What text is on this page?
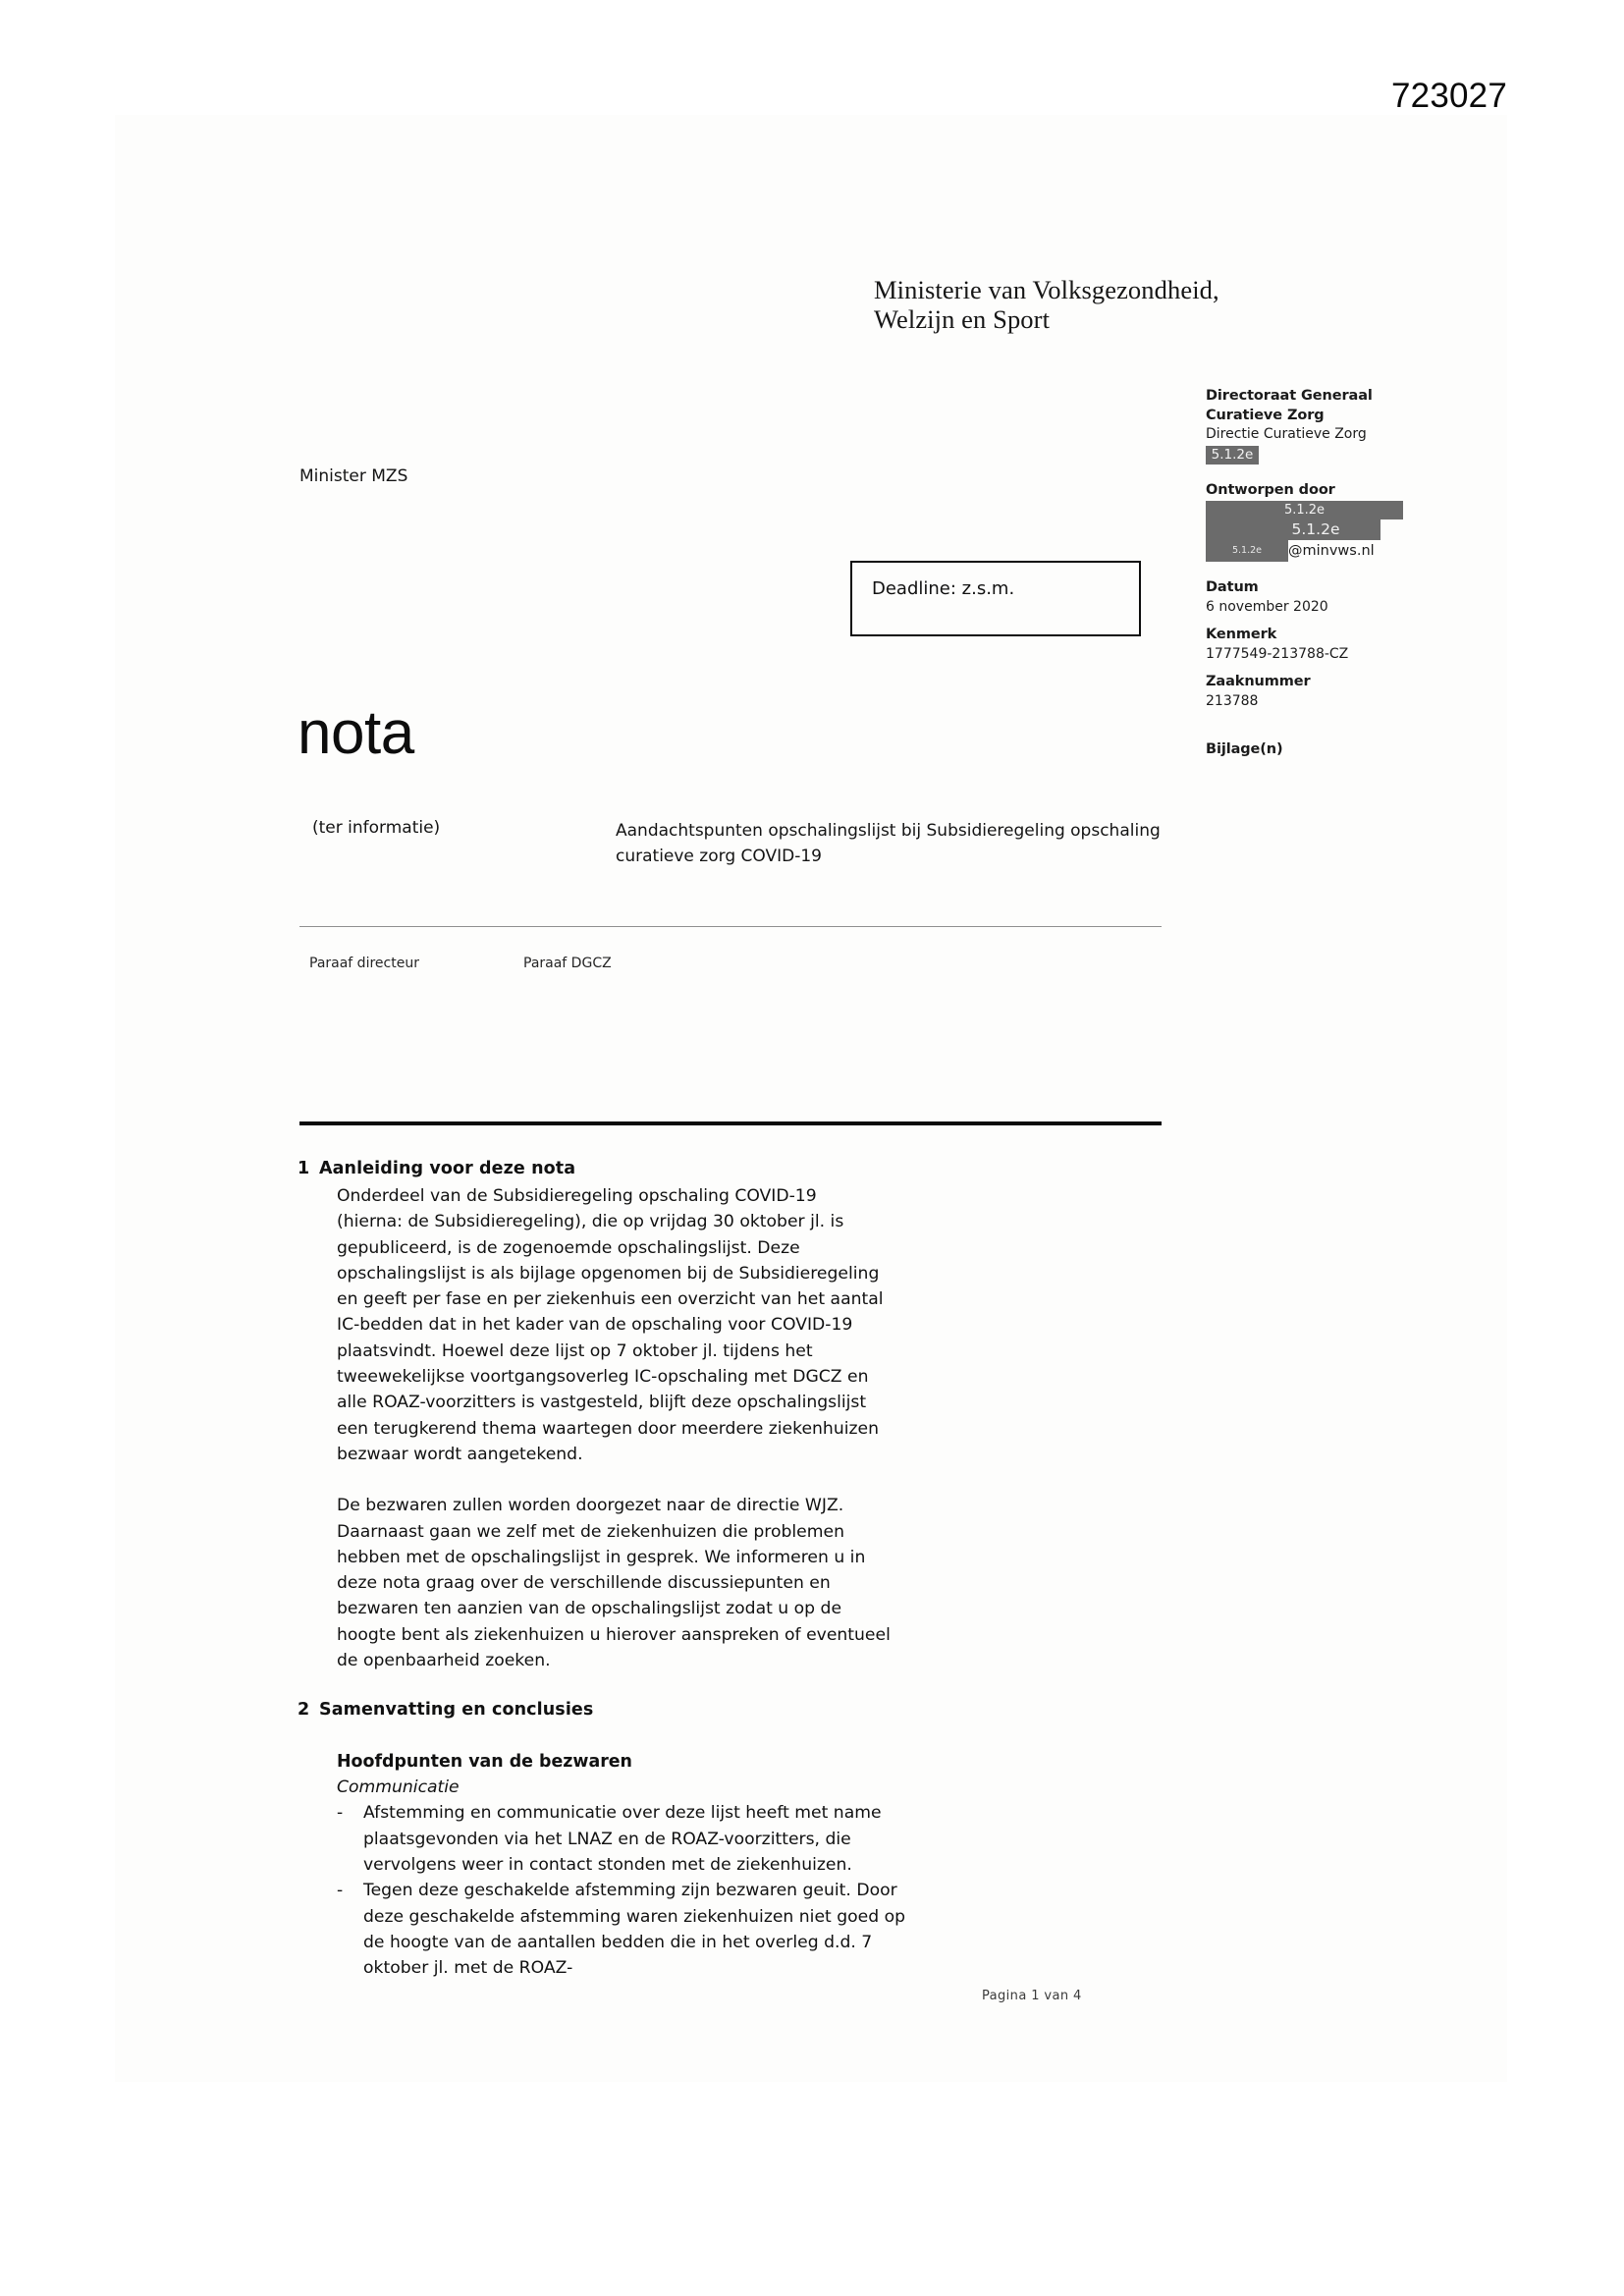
723027
Ministerie van Volksgezondheid,
Welzijn en Sport
Directoraat Generaal
Curatieve Zorg
Directie Curatieve Zorg
5.1.2e
Ontworpen door
5.1.2e
5.1.2e
5.1.2e @minvws.nl
Datum
6 november 2020
Kenmerk
1777549-213788-CZ
Zaaknummer
213788
Bijlage(n)
Minister MZS
Deadline: z.s.m.
nota
(ter informatie)	Aandachtspunten opschalingslijst bij Subsidieregeling opschaling curatieve zorg COVID-19
Paraaf directeur	Paraaf DGCZ
1 Aanleiding voor deze nota

Onderdeel van de Subsidieregeling opschaling COVID-19 (hierna: de Subsidieregeling), die op vrijdag 30 oktober jl. is gepubliceerd, is de zogenoemde opschalingslijst. Deze opschalingslijst is als bijlage opgenomen bij de Subsidieregeling en geeft per fase en per ziekenhuis een overzicht van het aantal IC-bedden dat in het kader van de opschaling voor COVID-19 plaatsvindt. Hoewel deze lijst op 7 oktober jl. tijdens het tweewekelijkse voortgangsoverleg IC-opschaling met DGCZ en alle ROAZ-voorzitters is vastgesteld, blijft deze opschalingslijst een terugkerend thema waartegen door meerdere ziekenhuizen bezwaar wordt aangetekend.

De bezwaren zullen worden doorgezet naar de directie WJZ. Daarnaast gaan we zelf met de ziekenhuizen die problemen hebben met de opschalingslijst in gesprek. We informeren u in deze nota graag over de verschillende discussiepunten en bezwaren ten aanzien van de opschalingslijst zodat u op de hoogte bent als ziekenhuizen u hierover aanspreken of eventueel de openbaarheid zoeken.

2 Samenvatting en conclusies
Hoofdpunten van de bezwaren
Communicatie
- Afstemming en communicatie over deze lijst heeft met name plaatsgevonden via het LNAZ en de ROAZ-voorzitters, die vervolgens weer in contact stonden met de ziekenhuizen.
- Tegen deze geschakelde afstemming zijn bezwaren geuit. Door deze geschakelde afstemming waren ziekenhuizen niet goed op de hoogte van de aantallen bedden die in het overleg d.d. 7 oktober jl. met de ROAZ-
Pagina 1 van 4
